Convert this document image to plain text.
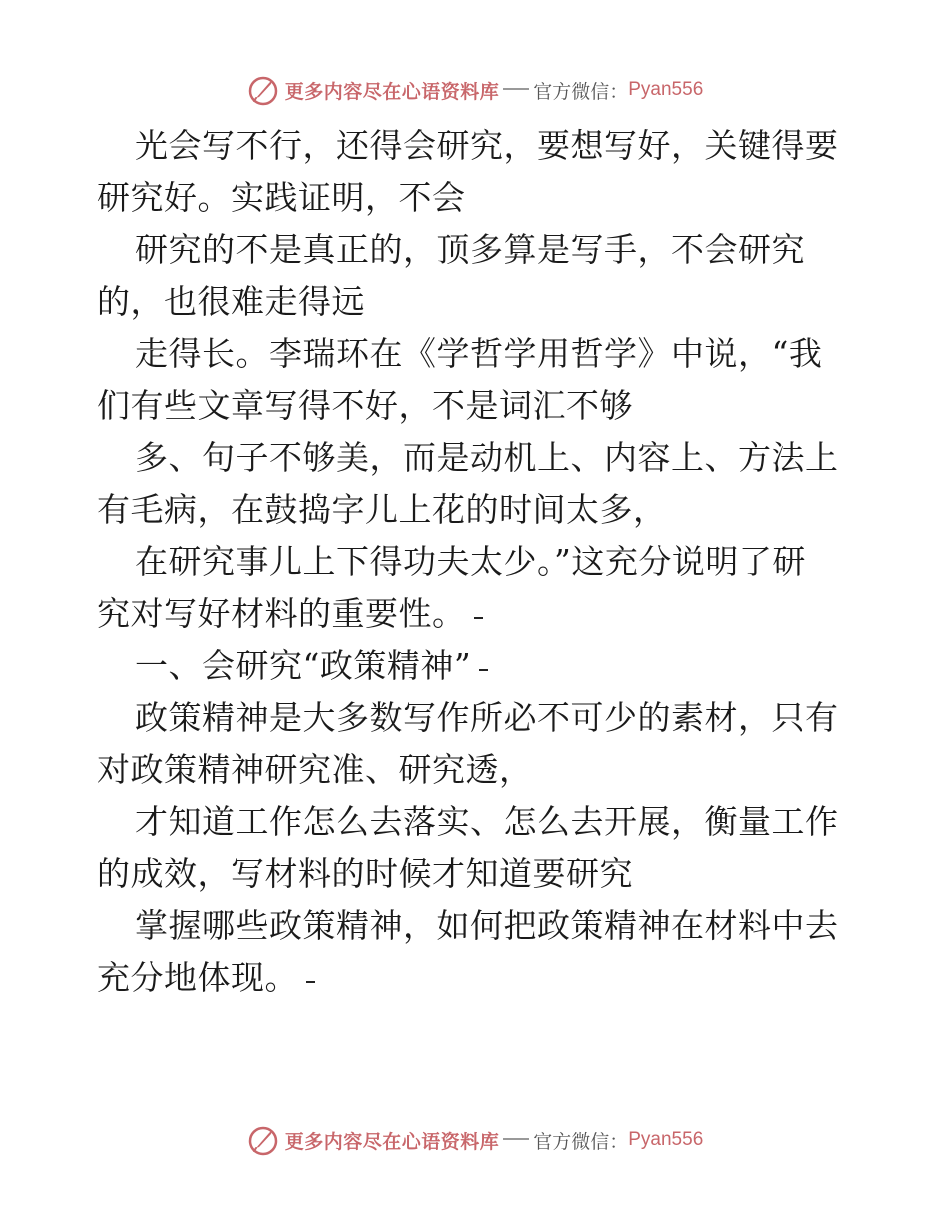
更多内容尽在心语资料库 官方微信： Pyan556
光会写不行，还得会研究，要想写好，关键得要
研究好。实践证明，不会
研究的不是真正的，顶多算是写手，不会研究
的，也很难走得远
走得长。李瑞环在《学哲学用哲学》中说，“我
们有些文章写得不好，不是词汇不够
多、句子不够美，而是动机上、内容上、方法上
有毛病，在鼓捣字儿上花的时间太多，
在研究事儿上下得功夫太少。”这充分说明了研
究对写好材料的重要性。
一、会研究“政策精神”
政策精神是大多数写作所必不可少的素材，只有
对政策精神研究准、研究透，
才知道工作怎么去落实、怎么去开展，衡量工作
的成效，写材料的时候才知道要研究
掌握哪些政策精神，如何把政策精神在材料中去
充分地体现。
更多内容尽在心语资料库 官方微信： Pyan556
